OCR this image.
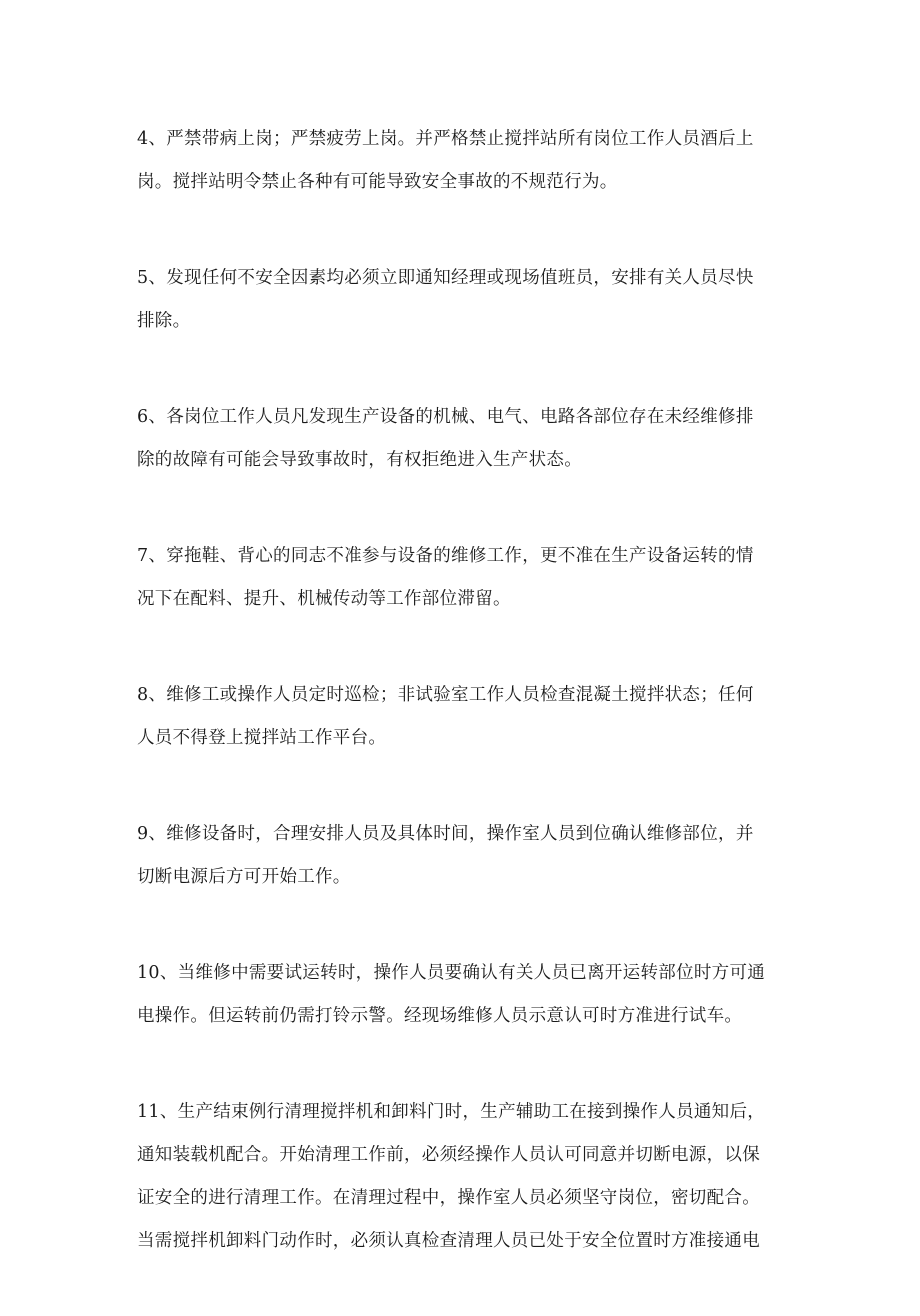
4、严禁带病上岗；严禁疲劳上岗。并严格禁止搅拌站所有岗位工作人员酒后上
岗。搅拌站明令禁止各种有可能导致安全事故的不规范行为。

5、发现任何不安全因素均必须立即通知经理或现场值班员，安排有关人员尽快
排除。

6、各岗位工作人员凡发现生产设备的机械、电气、电路各部位存在未经维修排
除的故障有可能会导致事故时，有权拒绝进入生产状态。

7、穿拖鞋、背心的同志不准参与设备的维修工作，更不准在生产设备运转的情
况下在配料、提升、机械传动等工作部位滞留。

8、维修工或操作人员定时巡检；非试验室工作人员检查混凝土搅拌状态；任何
人员不得登上搅拌站工作平台。

9、维修设备时，合理安排人员及具体时间，操作室人员到位确认维修部位，并
切断电源后方可开始工作。

10、当维修中需要试运转时，操作人员要确认有关人员已离开运转部位时方可通
电操作。但运转前仍需打铃示警。经现场维修人员示意认可时方准进行试车。

11、生产结束例行清理搅拌机和卸料门时，生产辅助工在接到操作人员通知后，
通知装载机配合。开始清理工作前，必须经操作人员认可同意并切断电源，以保
证安全的进行清理工作。在清理过程中，操作室人员必须坚守岗位，密切配合。
当需搅拌机卸料门动作时，必须认真检查清理人员已处于安全位置时方准接通电
